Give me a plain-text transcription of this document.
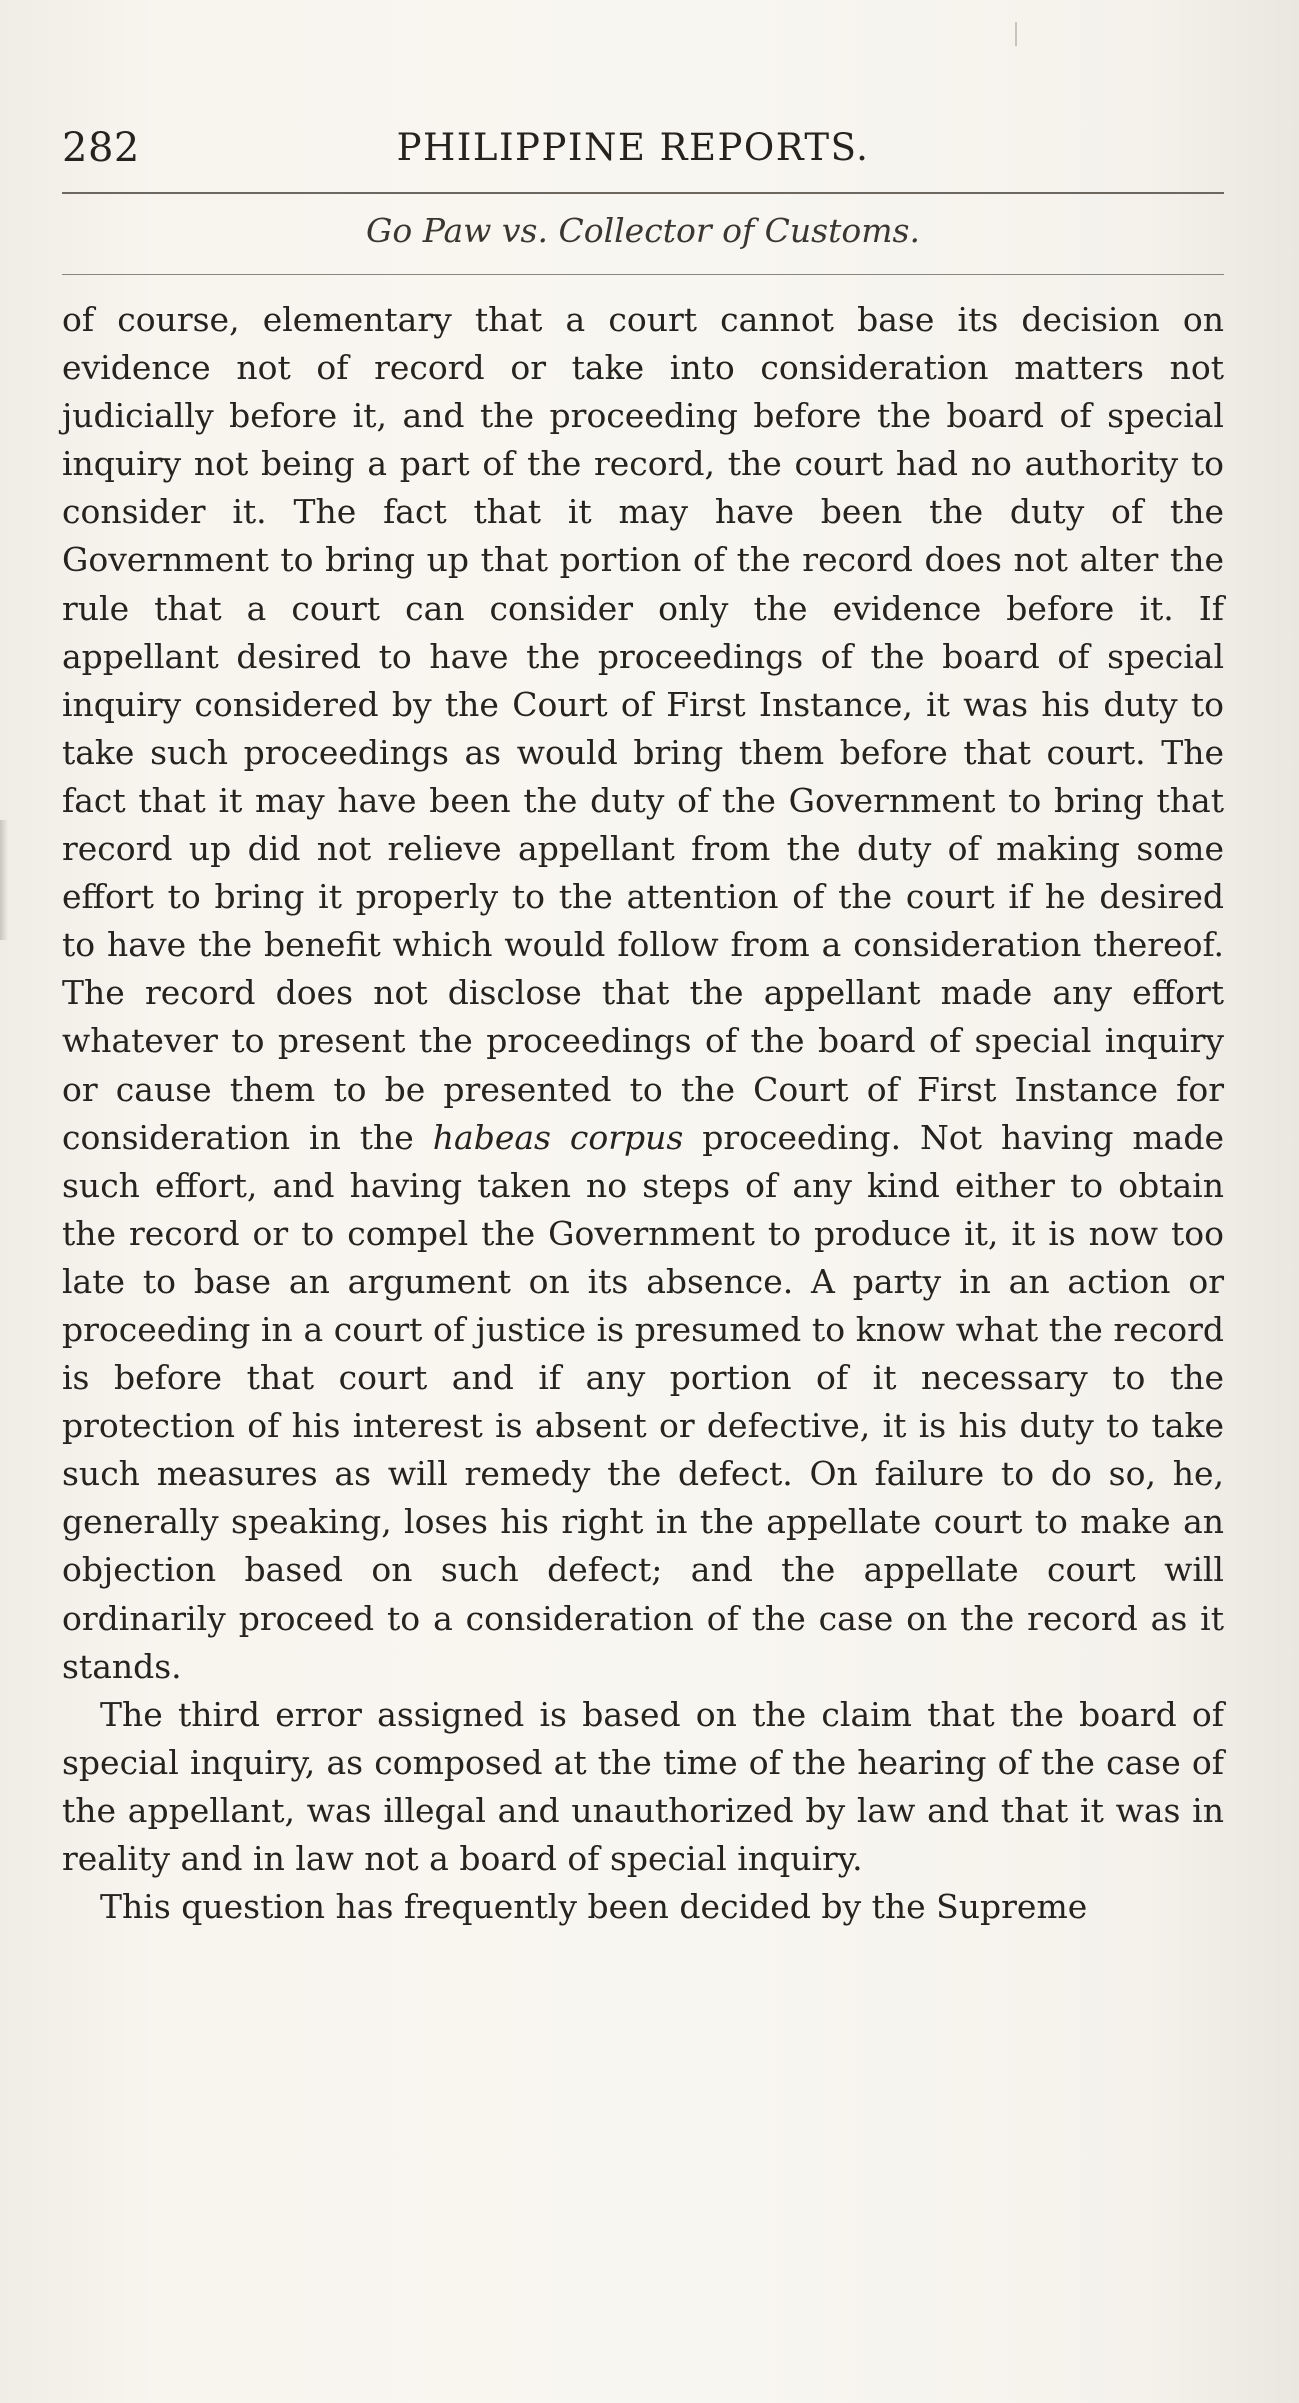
282	PHILIPPINE REPORTS.
Go Paw vs. Collector of Customs.

of course, elementary that a court cannot base its decision on evidence not of record or take into consideration matters not judicially before it, and the proceeding before the board of special inquiry not being a part of the record, the court had no authority to consider it. The fact that it may have been the duty of the Government to bring up that portion of the record does not alter the rule that a court can consider only the evidence before it. If appellant desired to have the proceedings of the board of special inquiry considered by the Court of First Instance, it was his duty to take such proceedings as would bring them before that court. The fact that it may have been the duty of the Government to bring that record up did not relieve appellant from the duty of making some effort to bring it properly to the attention of the court if he desired to have the benefit which would follow from a consideration thereof. The record does not disclose that the appellant made any effort whatever to present the proceedings of the board of special inquiry or cause them to be presented to the Court of First Instance for consideration in the habeas corpus proceeding. Not having made such effort, and having taken no steps of any kind either to obtain the record or to compel the Government to produce it, it is now too late to base an argument on its absence. A party in an action or proceeding in a court of justice is presumed to know what the record is before that court and if any portion of it necessary to the protection of his interest is absent or defective, it is his duty to take such measures as will remedy the defect. On failure to do so, he, generally speaking, loses his right in the appellate court to make an objection based on such defect; and the appellate court will ordinarily proceed to a consideration of the case on the record as it stands.

The third error assigned is based on the claim that the board of special inquiry, as composed at the time of the hearing of the case of the appellant, was illegal and unauthorized by law and that it was in reality and in law not a board of special inquiry.

This question has frequently been decided by the Supreme
